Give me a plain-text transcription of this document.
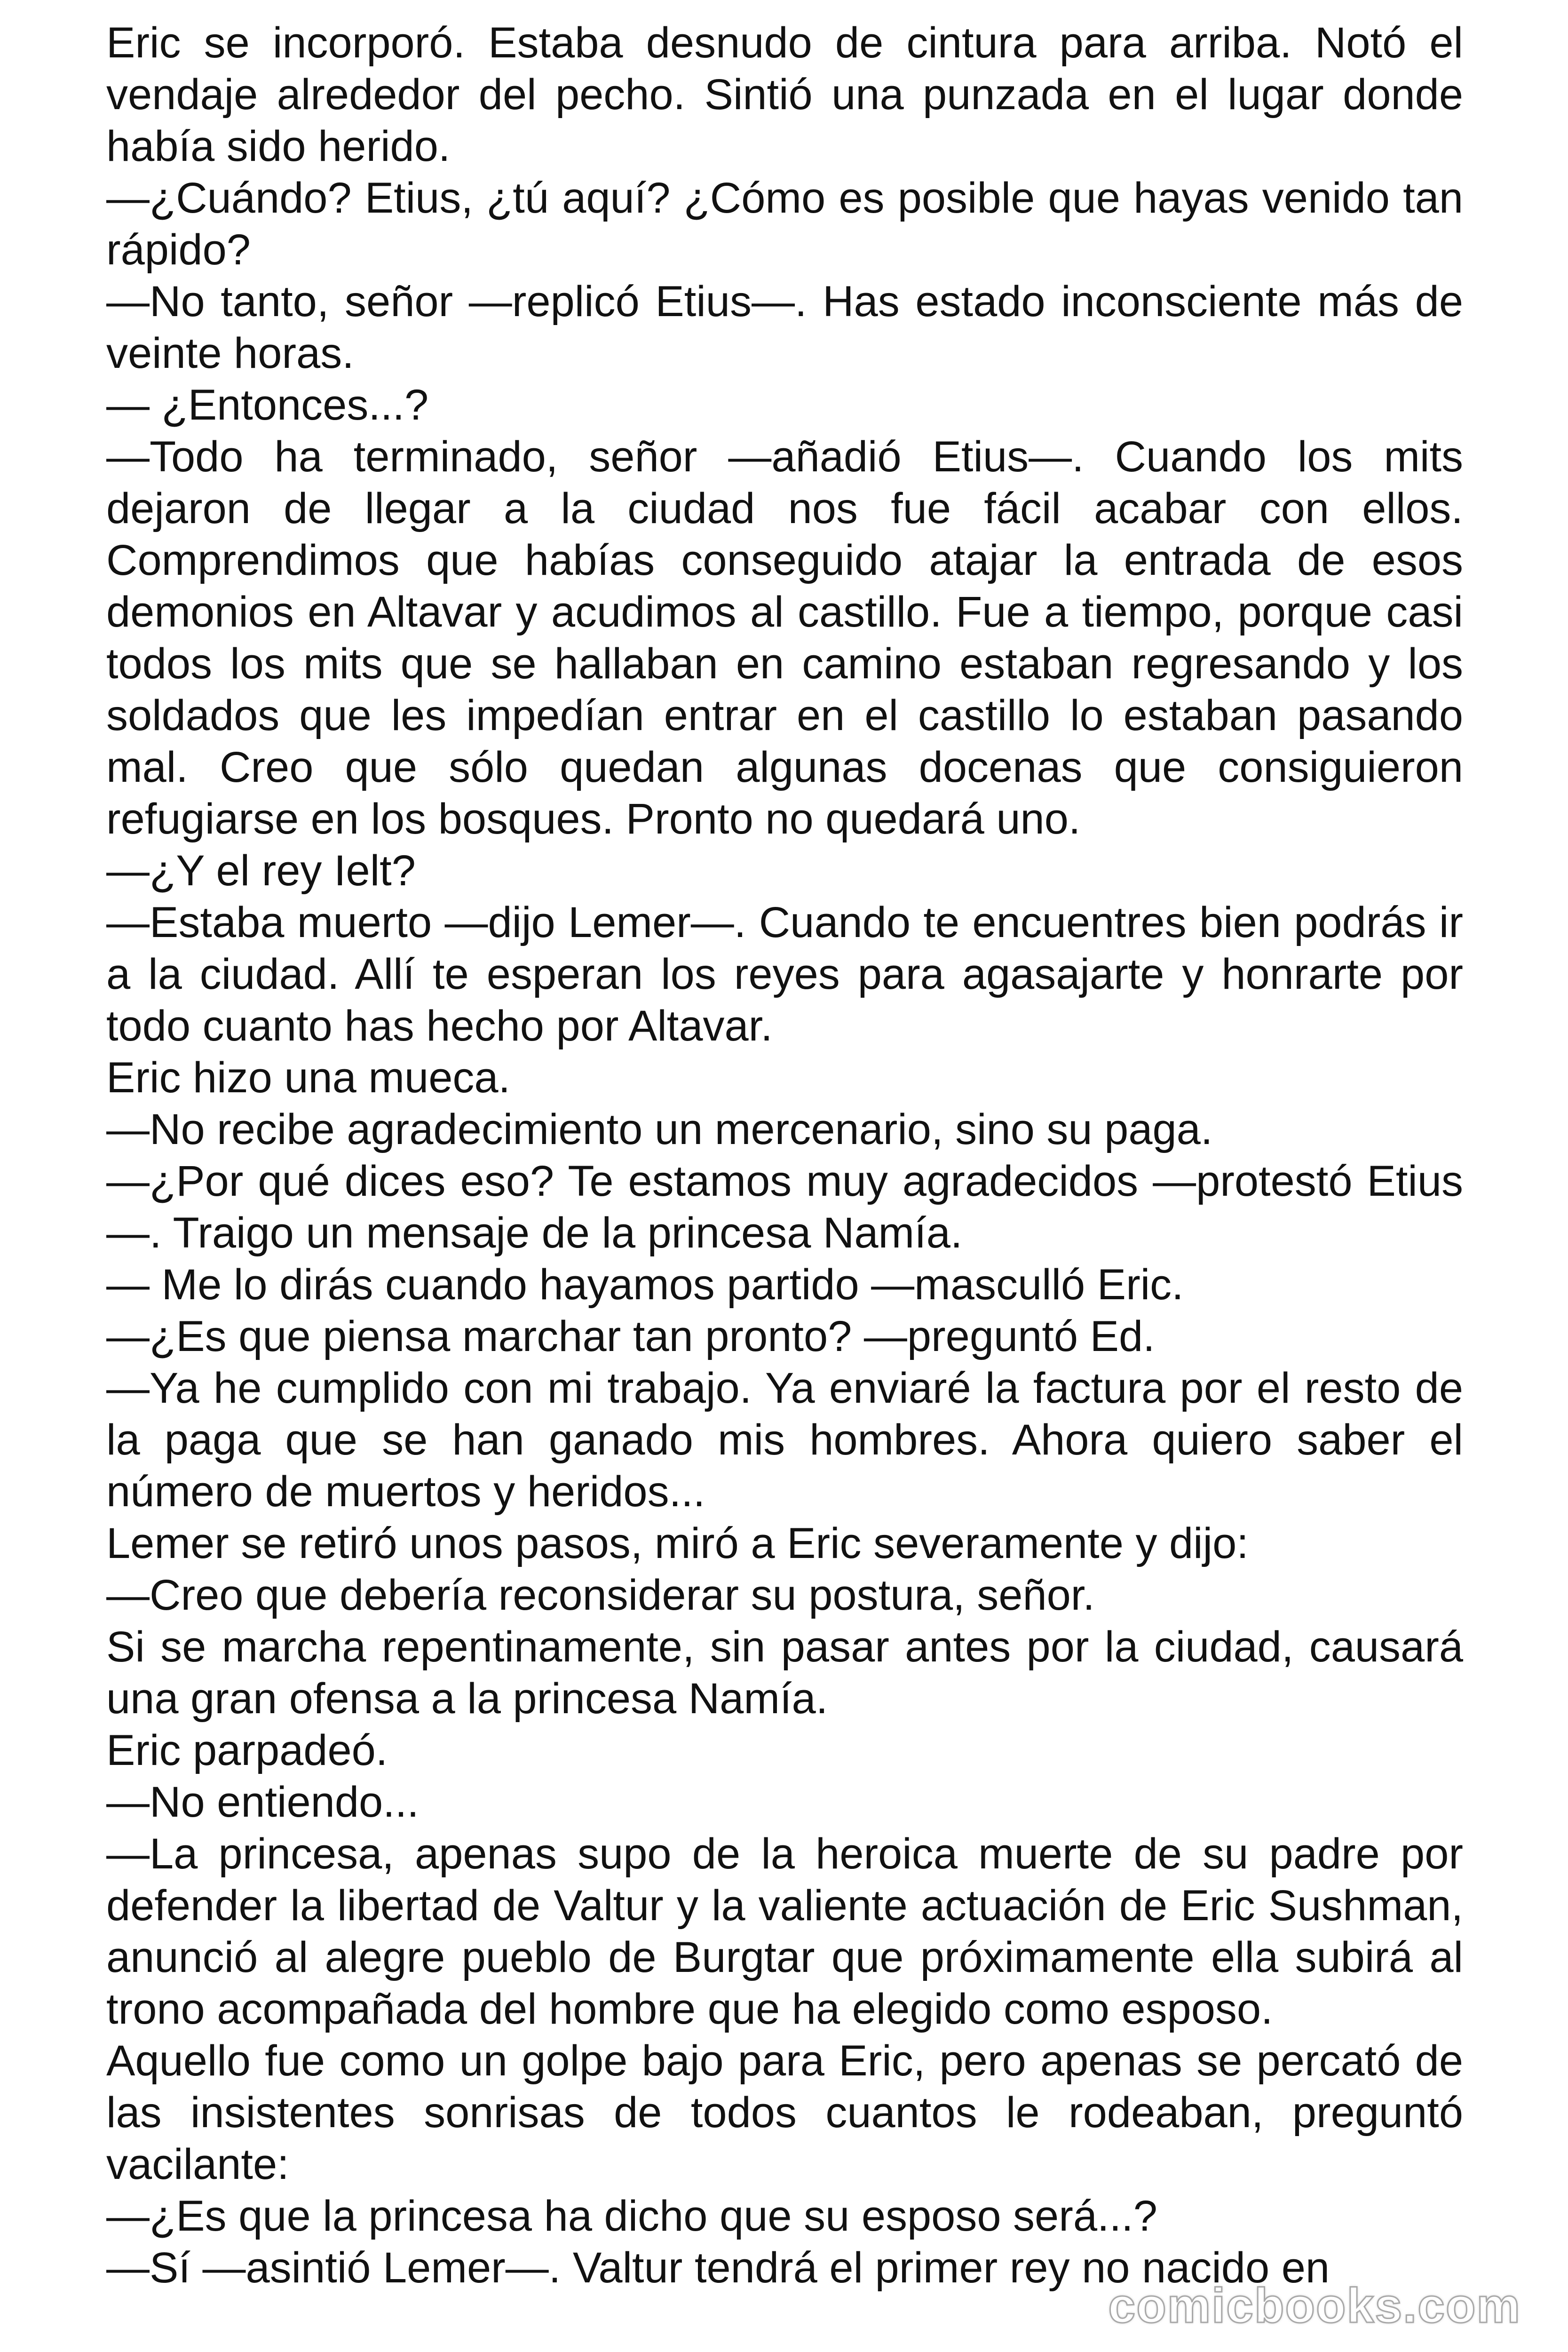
Eric se incorporó. Estaba desnudo de cintura para arriba. Notó el vendaje alrededor del pecho. Sintió una punzada en el lugar donde había sido herido.

—¿Cuándo? Etius, ¿tú aquí? ¿Cómo es posible que hayas venido tan rápido?

—No tanto, señor —replicó Etius—. Has estado inconsciente más de veinte horas.

— ¿Entonces...?

—Todo ha terminado, señor —añadió Etius—. Cuando los mits dejaron de llegar a la ciudad nos fue fácil acabar con ellos. Comprendimos que habías conseguido atajar la entrada de esos demonios en Altavar y acudimos al castillo. Fue a tiempo, porque casi todos los mits que se hallaban en camino estaban regresando y los soldados que les impedían entrar en el castillo lo estaban pasando mal. Creo que sólo quedan algunas docenas que consiguieron refugiarse en los bosques. Pronto no quedará uno.

—¿Y el rey Ielt?

—Estaba muerto —dijo Lemer—. Cuando te encuentres bien podrás ir a la ciudad. Allí te esperan los reyes para agasajarte y honrarte por todo cuanto has hecho por Altavar.

Eric hizo una mueca.

—No recibe agradecimiento un mercenario, sino su paga.

—¿Por qué dices eso? Te estamos muy agradecidos —protestó Etius —. Traigo un mensaje de la princesa Namía.

— Me lo dirás cuando hayamos partido —masculló Eric.

—¿Es que piensa marchar tan pronto? —preguntó Ed.

—Ya he cumplido con mi trabajo. Ya enviaré la factura por el resto de la paga que se han ganado mis hombres. Ahora quiero saber el número de muertos y heridos...

Lemer se retiró unos pasos, miró a Eric severamente y dijo:

—Creo que debería reconsiderar su postura, señor.

Si se marcha repentinamente, sin pasar antes por la ciudad, causará una gran ofensa a la princesa Namía.

Eric parpadeó.

—No entiendo...

—La princesa, apenas supo de la heroica muerte de su padre por defender la libertad de Valtur y la valiente actuación de Eric Sushman, anunció al alegre pueblo de Burgtar que próximamente ella subirá al trono acompañada del hombre que ha elegido como esposo.

Aquello fue como un golpe bajo para Eric, pero apenas se percató de las insistentes sonrisas de todos cuantos le rodeaban, preguntó vacilante:

—¿Es que la princesa ha dicho que su esposo será...?

—Sí —asintió Lemer—. Valtur tendrá el primer rey no nacido en

comicbooks.com
